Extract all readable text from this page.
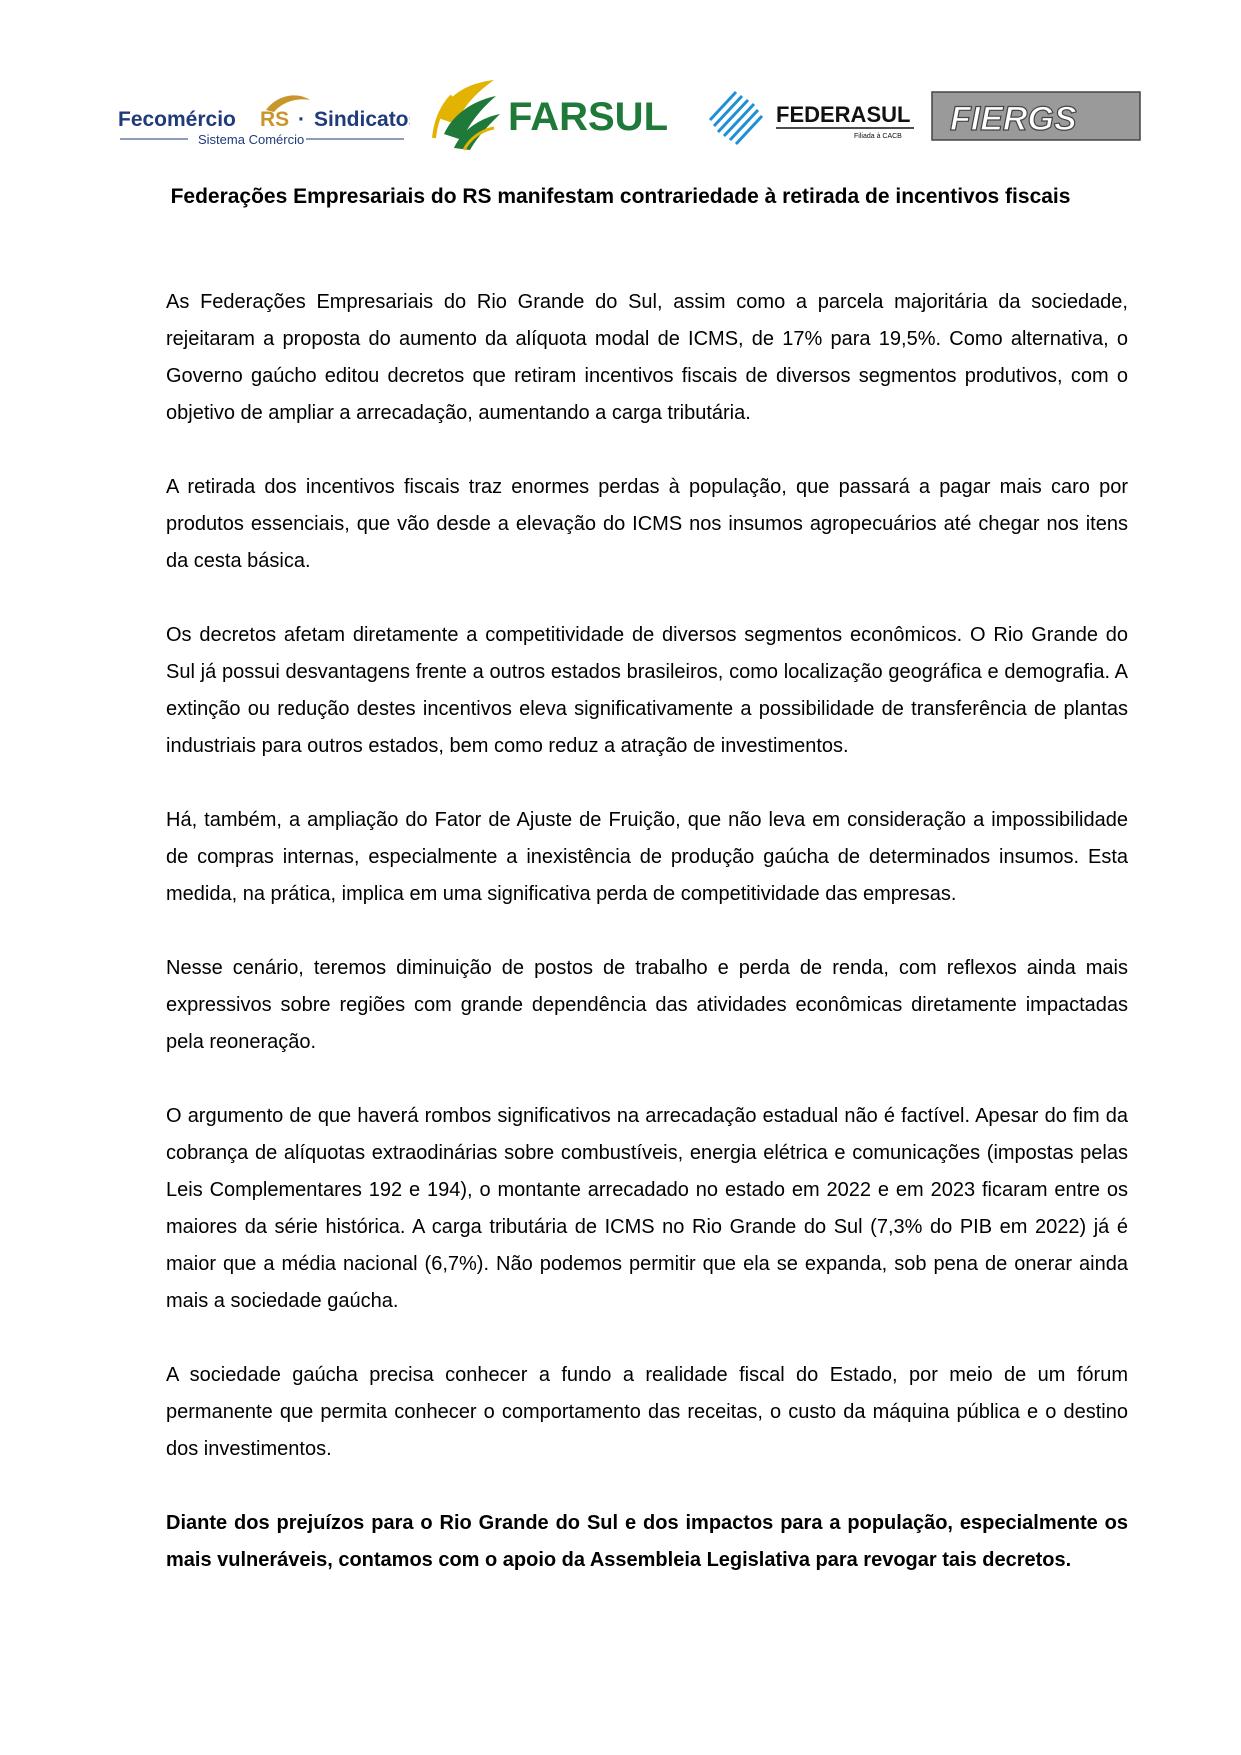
Fecomércio RS · Sindicatos
Sistema Comércio
FARSUL	FEDERASUL
Filiada à CACB FIERGS
Federações Empresariais do RS manifestam contrariedade à retirada de incentivos fiscais

As Federações Empresariais do Rio Grande do Sul, assim como a parcela majoritária da sociedade, rejeitaram a proposta do aumento da alíquota modal de ICMS, de 17% para 19,5%. Como alternativa, o Governo gaúcho editou decretos que retiram incentivos fiscais de diversos segmentos produtivos, com o objetivo de ampliar a arrecadação, aumentando a carga tributária.

A retirada dos incentivos fiscais traz enormes perdas à população, que passará a pagar mais caro por produtos essenciais, que vão desde a elevação do ICMS nos insumos agropecuários até chegar nos itens da cesta básica.

Os decretos afetam diretamente a competitividade de diversos segmentos econômicos. O Rio Grande do Sul já possui desvantagens frente a outros estados brasileiros, como localização geográfica e demografia. A extinção ou redução destes incentivos eleva significativamente a possibilidade de transferência de plantas industriais para outros estados, bem como reduz a atração de investimentos.

Há, também, a ampliação do Fator de Ajuste de Fruição, que não leva em consideração a impossibilidade de compras internas, especialmente a inexistência de produção gaúcha de determinados insumos. Esta medida, na prática, implica em uma significativa perda de competitividade das empresas.

Nesse cenário, teremos diminuição de postos de trabalho e perda de renda, com reflexos ainda mais expressivos sobre regiões com grande dependência das atividades econômicas diretamente impactadas pela reoneração.

O argumento de que haverá rombos significativos na arrecadação estadual não é factível. Apesar do fim da cobrança de alíquotas extraodinárias sobre combustíveis, energia elétrica e comunicações (impostas pelas Leis Complementares 192 e 194), o montante arrecadado no estado em 2022 e em 2023 ficaram entre os maiores da série histórica. A carga tributária de ICMS no Rio Grande do Sul (7,3% do PIB em 2022) já é maior que a média nacional (6,7%). Não podemos permitir que ela se expanda, sob pena de onerar ainda mais a sociedade gaúcha.

A sociedade gaúcha precisa conhecer a fundo a realidade fiscal do Estado, por meio de um fórum permanente que permita conhecer o comportamento das receitas, o custo da máquina pública e o destino dos investimentos.

Diante dos prejuízos para o Rio Grande do Sul e dos impactos para a população, especialmente os mais vulneráveis, contamos com o apoio da Assembleia Legislativa para revogar tais decretos.
